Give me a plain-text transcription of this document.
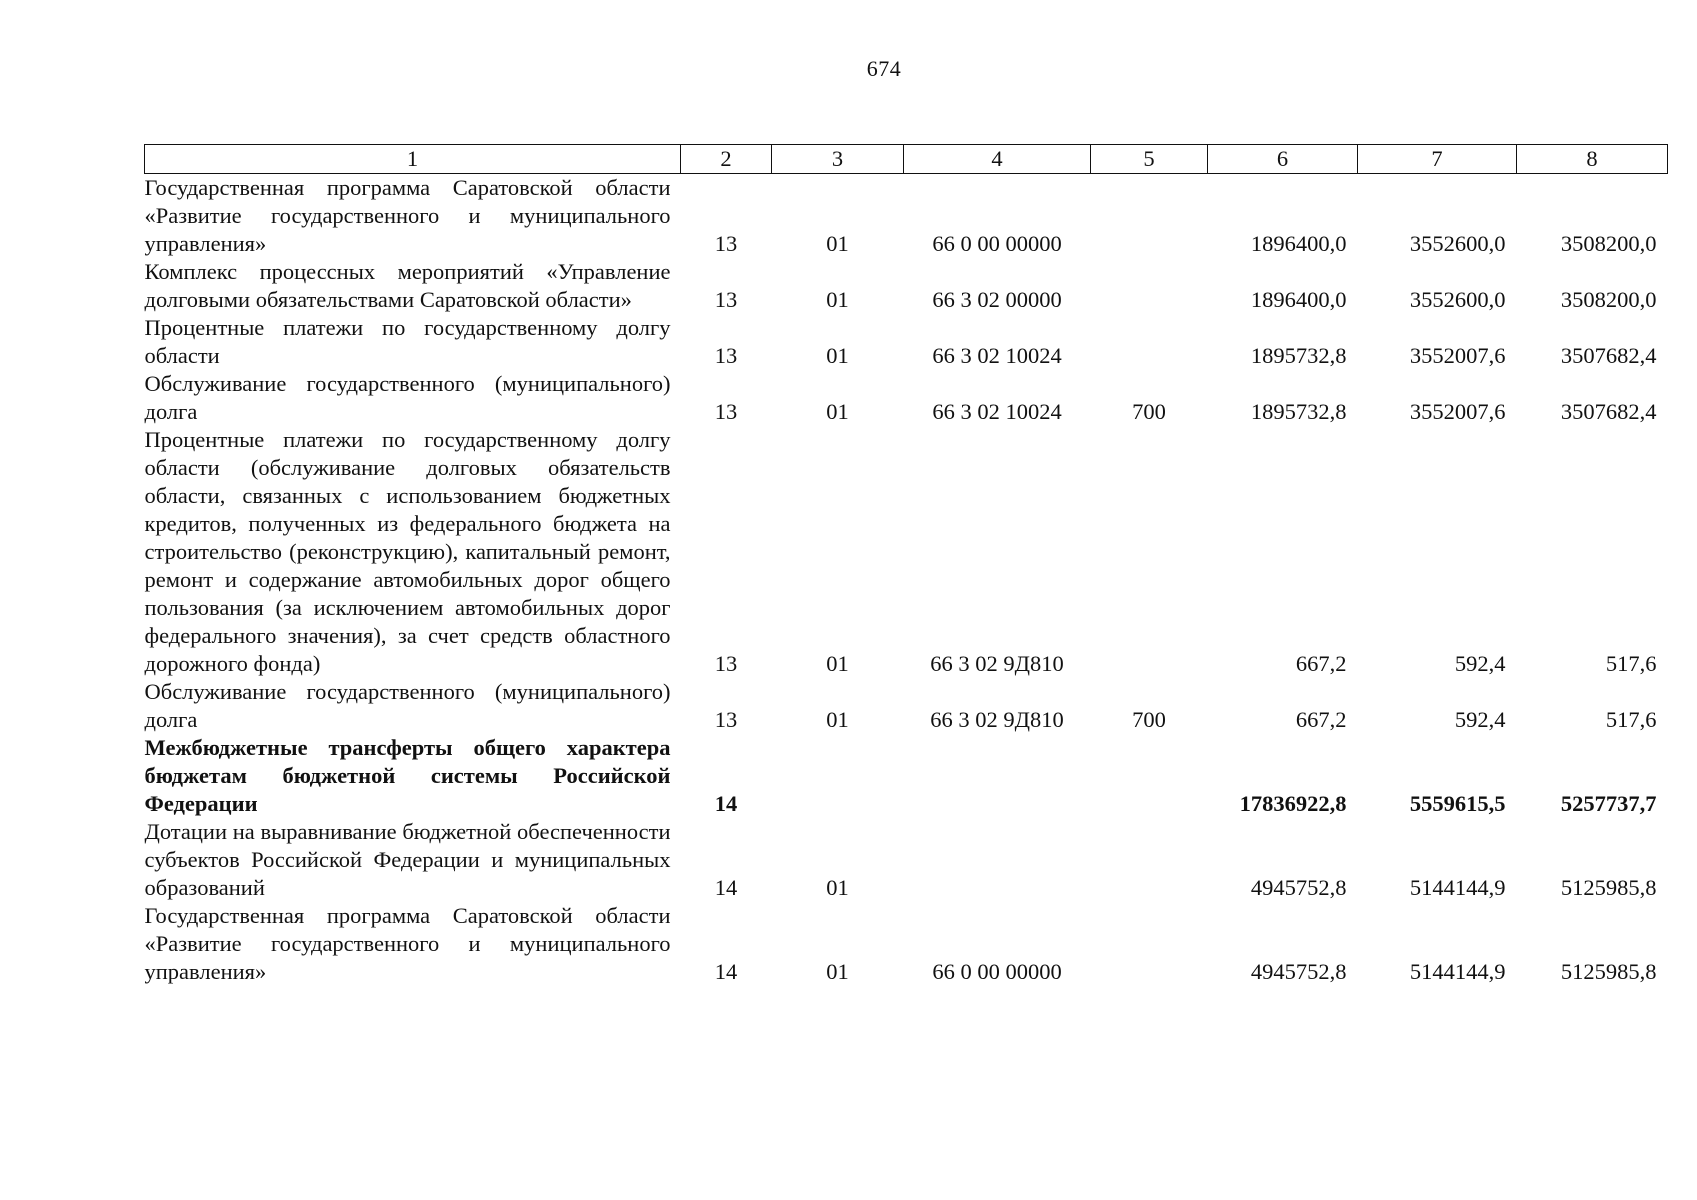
674
1	2	3	4	5	6	7	8
Государственная программа Саратовской области «Развитие государственного и муниципального управления»	13	01	66 0 00 00000		1896400,0	3552600,0	3508200,0
Комплекс процессных мероприятий «Управление долговыми обязательствами Саратовской области»	13	01	66 3 02 00000		1896400,0	3552600,0	3508200,0
Процентные платежи по государственному долгу области	13	01	66 3 02 10024		1895732,8	3552007,6	3507682,4
Обслуживание государственного (муниципального) долга	13	01	66 3 02 10024	700	1895732,8	3552007,6	3507682,4
Процентные платежи по государственному долгу области (обслуживание долговых обязательств области, связанных с использованием бюджетных кредитов, полученных из федерального бюджета на строительство (реконструкцию), капитальный ремонт, ремонт и содержание автомобильных дорог общего пользования (за исключением автомобильных дорог федерального значения), за счет средств областного дорожного фонда)	13	01	66 3 02 9Д810		667,2	592,4	517,6
Обслуживание государственного (муниципального) долга	13	01	66 3 02 9Д810	700	667,2	592,4	517,6
Межбюджетные трансферты общего характера бюджетам бюджетной системы Российской Федерации	14				17836922,8	5559615,5	5257737,7
Дотации на выравнивание бюджетной обеспеченности субъектов Российской Федерации и муниципальных образований	14	01			4945752,8	5144144,9	5125985,8
Государственная программа Саратовской области «Развитие государственного и муниципального управления»	14	01	66 0 00 00000		4945752,8	5144144,9	5125985,8
